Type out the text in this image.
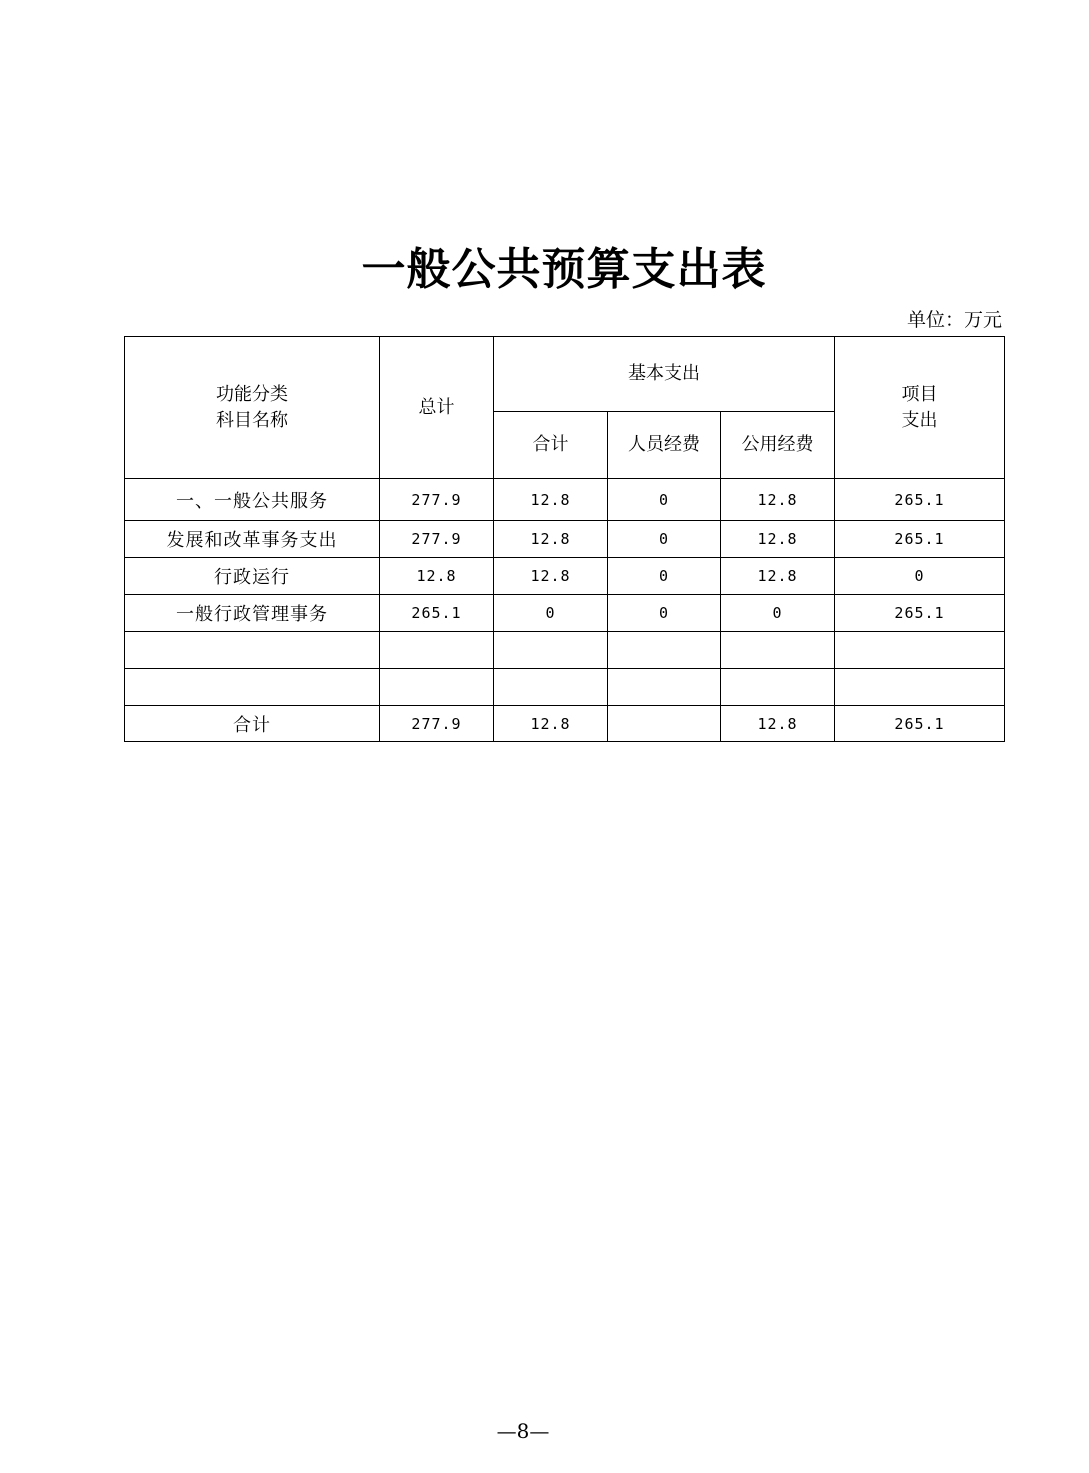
一般公共预算支出表
单位：万元
功能分类
科目名称	总计	基本支出			项目
支出

		合计	人员经费	公用经费	
一、一般公共服务	277.9	12.8	0	12.8	265.1
发展和改革事务支出	277.9	12.8	0	12.8	265.1
行政运行	12.8	12.8	0	12.8	0
一般行政管理事务	265.1	0	0	0	265.1

合计	277.9	12.8		12.8	265.1
—8—
